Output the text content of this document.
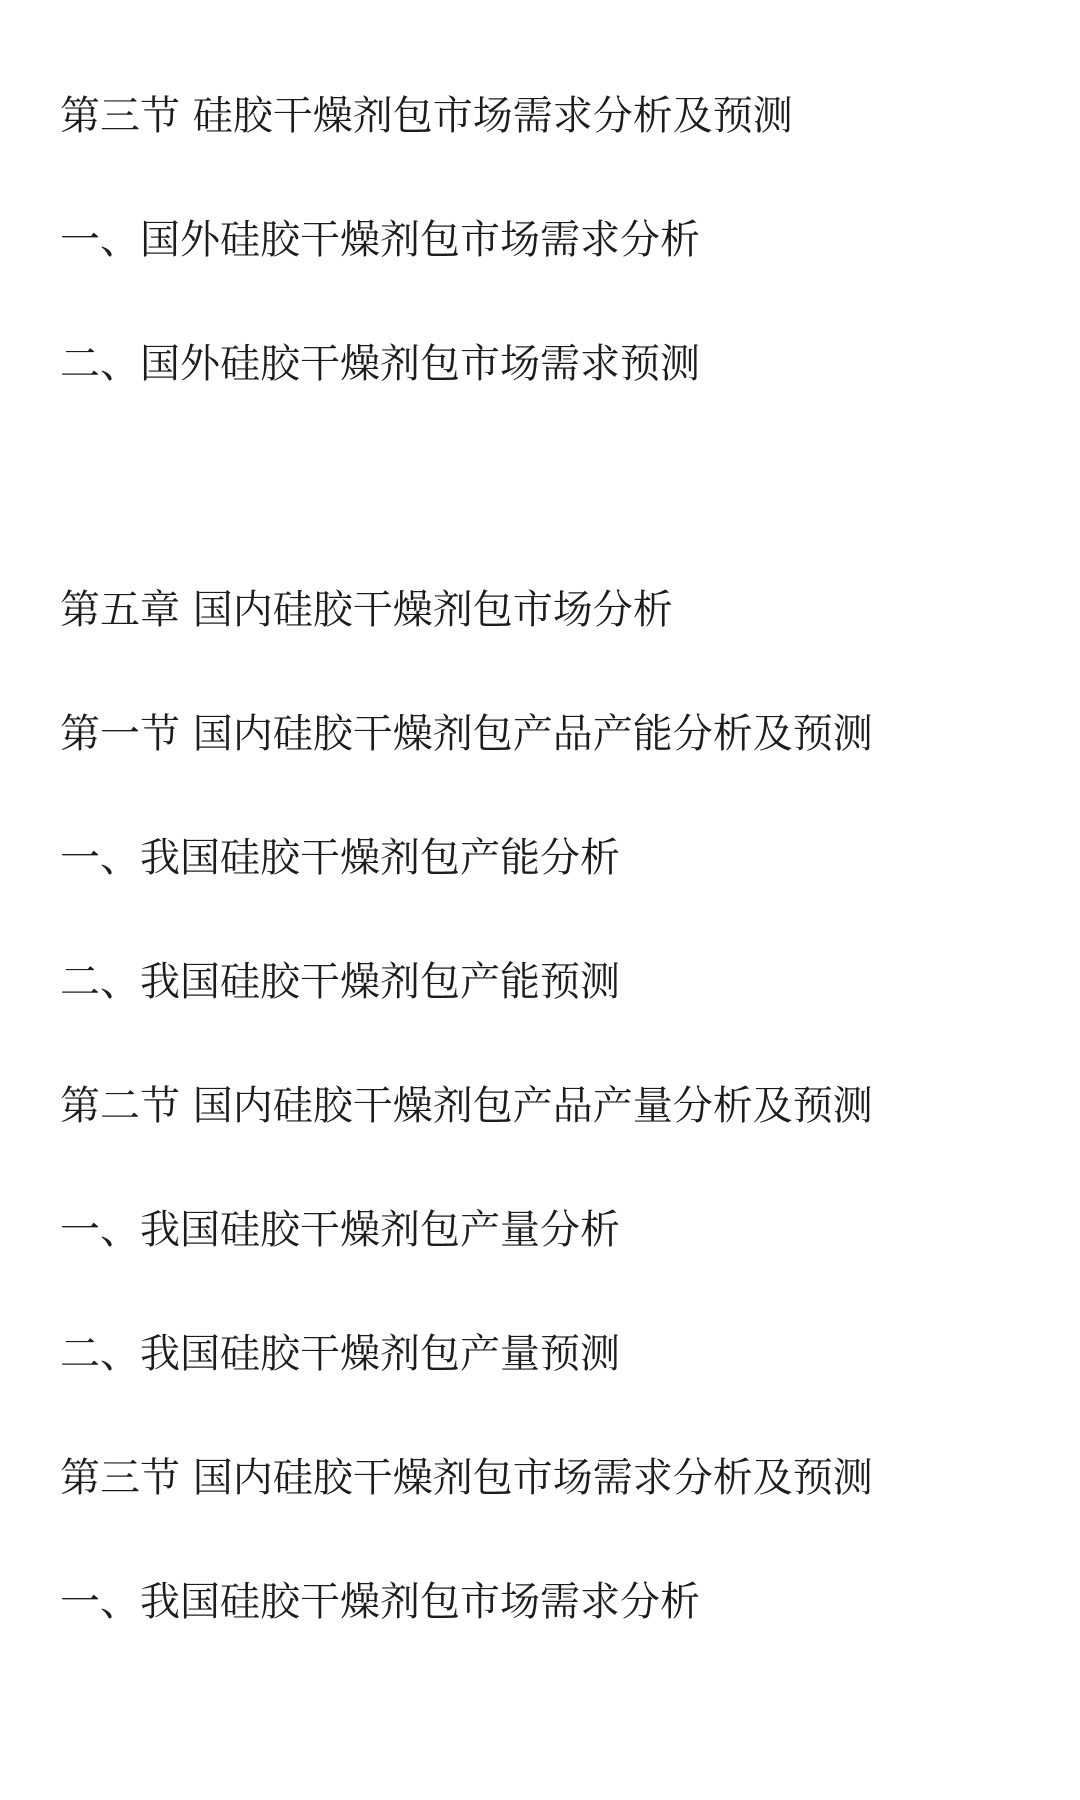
第三节 硅胶干燥剂包市场需求分析及预测
一、国外硅胶干燥剂包市场需求分析
二、国外硅胶干燥剂包市场需求预测
第五章 国内硅胶干燥剂包市场分析
第一节 国内硅胶干燥剂包产品产能分析及预测
一、我国硅胶干燥剂包产能分析
二、我国硅胶干燥剂包产能预测
第二节 国内硅胶干燥剂包产品产量分析及预测
一、我国硅胶干燥剂包产量分析
二、我国硅胶干燥剂包产量预测
第三节 国内硅胶干燥剂包市场需求分析及预测
一、我国硅胶干燥剂包市场需求分析
